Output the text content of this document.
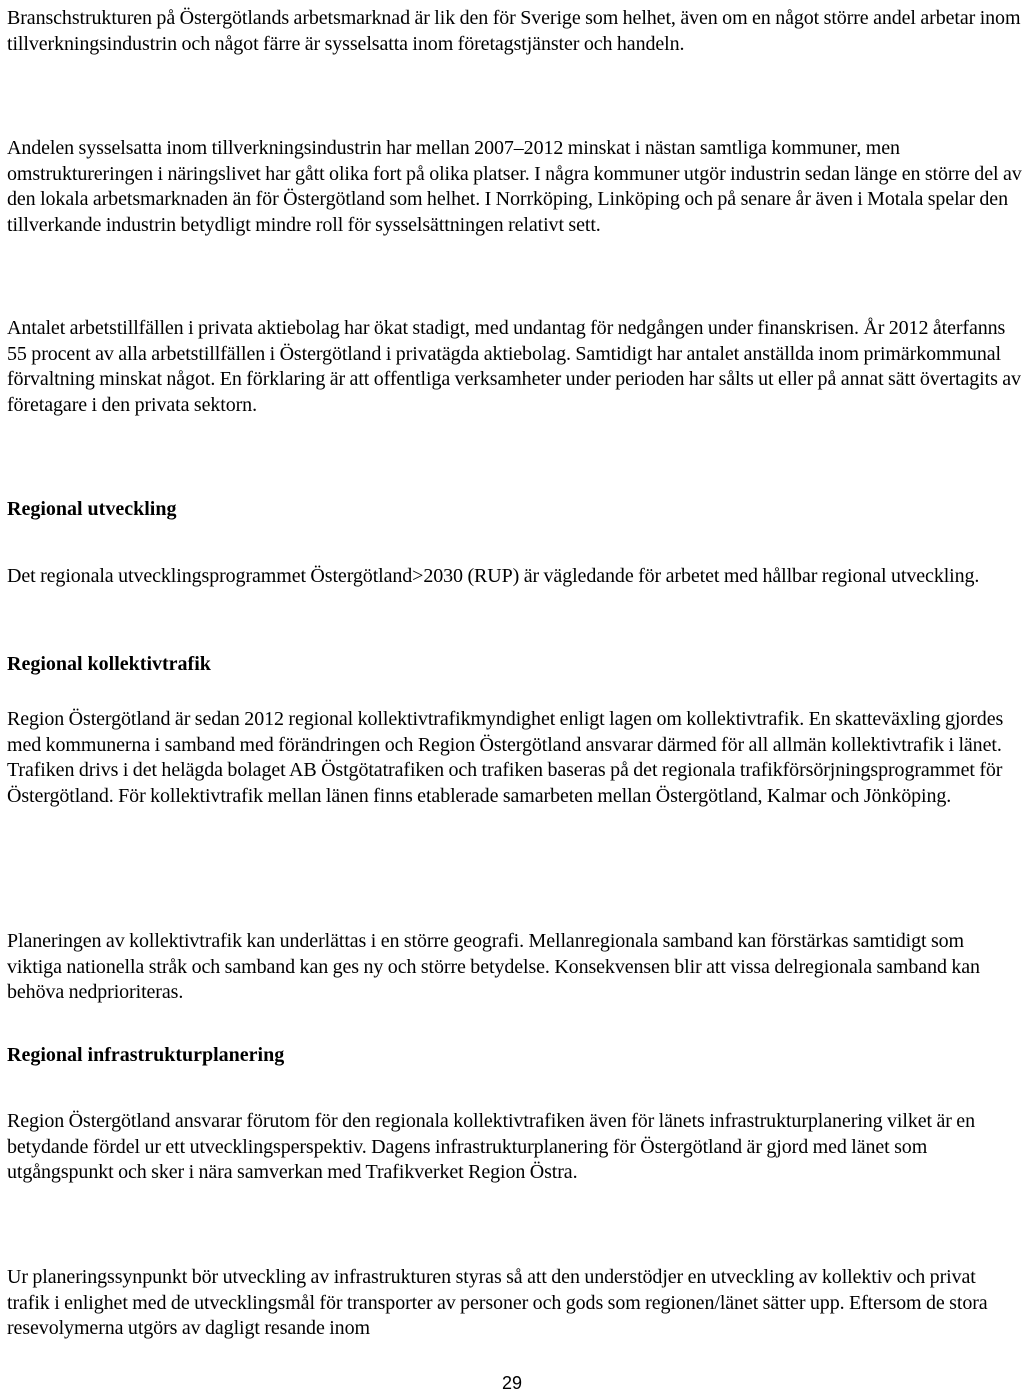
Branschstrukturen på Östergötlands arbetsmarknad är lik den för Sverige som helhet, även om en något större andel arbetar inom tillverkningsindustrin och något färre är sysselsatta inom företagstjänster och handeln.

Andelen sysselsatta inom tillverkningsindustrin har mellan 2007–2012 minskat i nästan samtliga kommuner, men omstruktureringen i näringslivet har gått olika fort på olika platser. I några kommuner utgör industrin sedan länge en större del av den lokala arbetsmarknaden än för Östergötland som helhet. I Norrköping, Linköping och på senare år även i Motala spelar den tillverkande industrin betydligt mindre roll för sysselsättningen relativt sett.

Antalet arbetstillfällen i privata aktiebolag har ökat stadigt, med undantag för nedgången under finanskrisen. År 2012 återfanns 55 procent av alla arbetstillfällen i Östergötland i privatägda aktiebolag. Samtidigt har antalet anställda inom primärkommunal förvaltning minskat något. En förklaring är att offentliga verksamheter under perioden har sålts ut eller på annat sätt övertagits av företagare i den privata sektorn.

Regional utveckling

Det regionala utvecklingsprogrammet Östergötland>2030 (RUP) är vägledande för arbetet med hållbar regional utveckling.

Regional kollektivtrafik

Region Östergötland är sedan 2012 regional kollektivtrafikmyndighet enligt lagen om kollektivtrafik. En skatteväxling gjordes med kommunerna i samband med förändringen och Region Östergötland ansvarar därmed för all allmän kollektivtrafik i länet. Trafiken drivs i det helägda bolaget AB Östgötatrafiken och trafiken baseras på det regionala trafikförsörjningsprogrammet för Östergötland. För kollektivtrafik mellan länen finns etablerade samarbeten mellan Östergötland, Kalmar och Jönköping.

Planeringen av kollektivtrafik kan underlättas i en större geografi. Mellanregionala samband kan förstärkas samtidigt som viktiga nationella stråk och samband kan ges ny och större betydelse. Konsekvensen blir att vissa delregionala samband kan behöva nedprioriteras.

Regional infrastrukturplanering

Region Östergötland ansvarar förutom för den regionala kollektivtrafiken även för länets infrastrukturplanering vilket är en betydande fördel ur ett utvecklingsperspektiv. Dagens infrastrukturplanering för Östergötland är gjord med länet som utgångspunkt och sker i nära samverkan med Trafikverket Region Östra.

Ur planeringssynpunkt bör utveckling av infrastrukturen styras så att den understödjer en utveckling av kollektiv och privat trafik i enlighet med de utvecklingsmål för transporter av personer och gods som regionen/länet sätter upp. Eftersom de stora resevolymerna utgörs av dagligt resande inom

29
